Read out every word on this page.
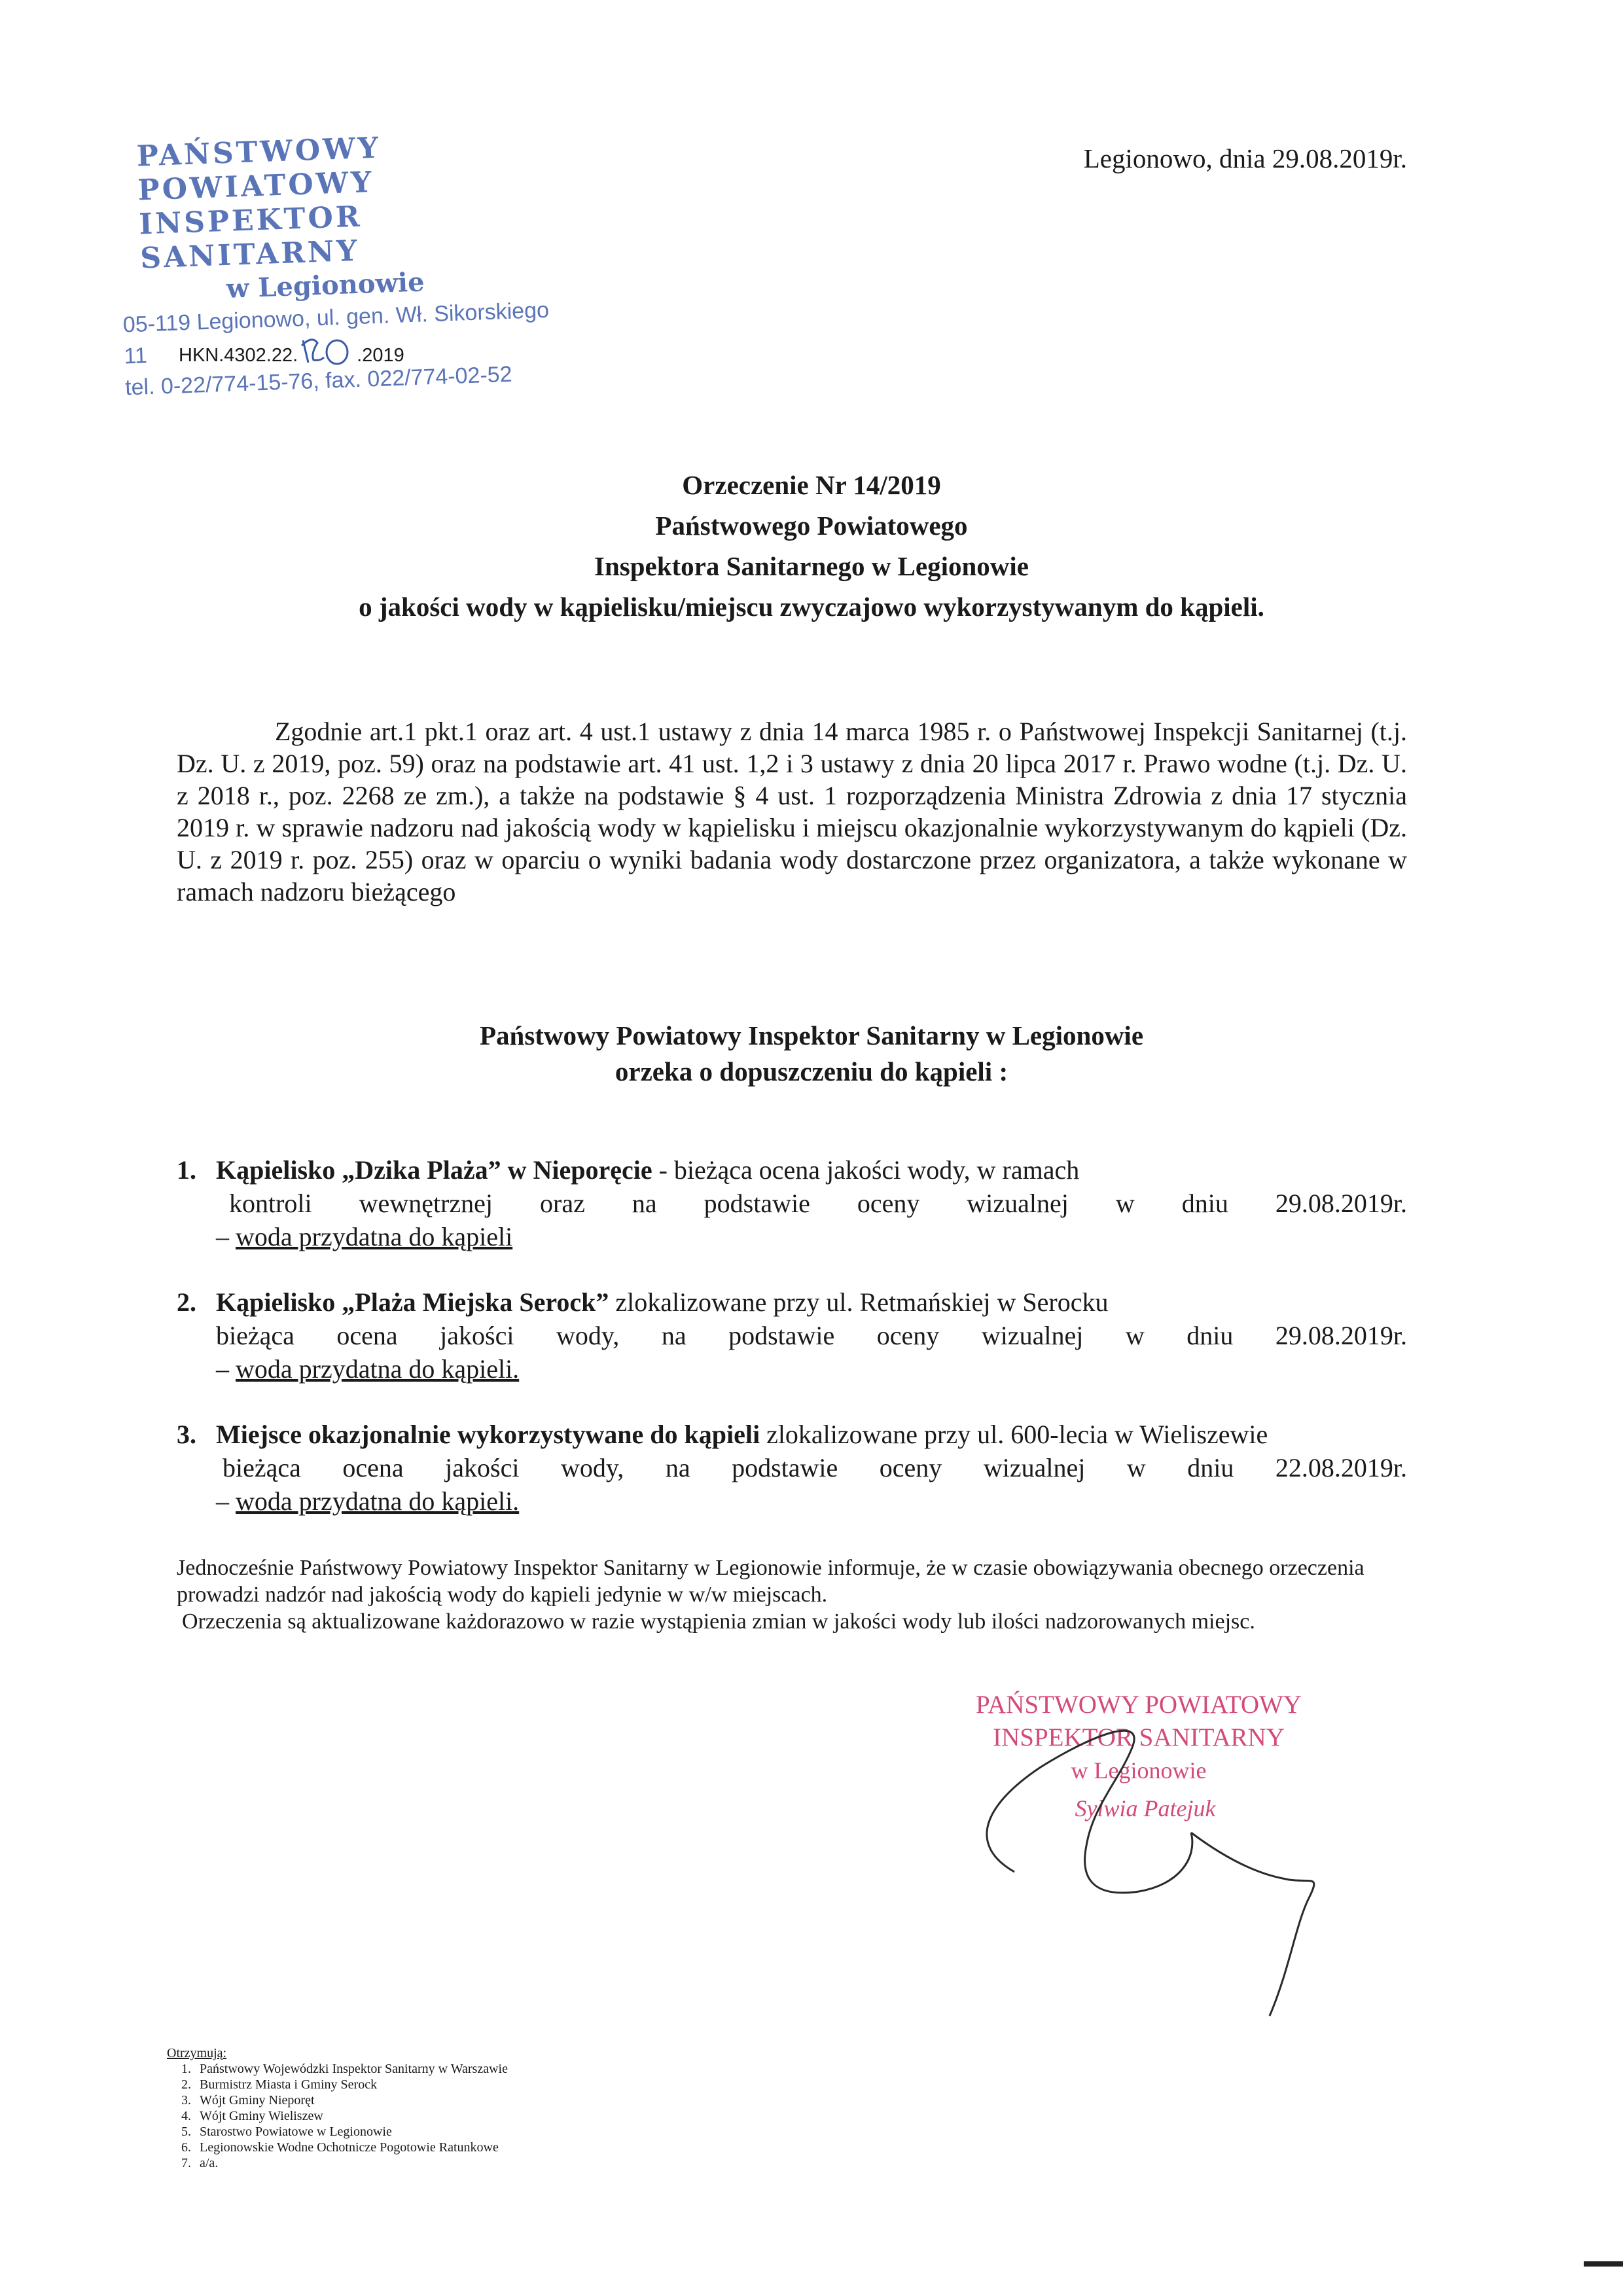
PAŃSTWOWY POWIATOWY
INSPEKTOR SANITARNY
w Legionowie
05-119 Legionowo, ul. gen. Wł. Sikorskiego 11
tel. 0-22/774-15-76, fax. 022/774-02-52
Legionowo, dnia 29.08.2019r.
HKN.4302.22.	.2019
Orzeczenie Nr 14/2019
Państwowego Powiatowego
Inspektora Sanitarnego w Legionowie
o jakości wody w kąpielisku/miejscu zwyczajowo wykorzystywanym do kąpieli.
Zgodnie art.1 pkt.1 oraz art. 4 ust.1 ustawy z dnia 14 marca 1985 r. o Państwowej Inspekcji Sanitarnej (t.j. Dz. U. z 2019, poz. 59) oraz na podstawie art. 41 ust. 1,2 i 3 ustawy z dnia 20 lipca 2017 r. Prawo wodne (t.j. Dz. U. z 2018 r., poz. 2268 ze zm.), a także na podstawie § 4 ust. 1 rozporządzenia Ministra Zdrowia z dnia 17 stycznia 2019 r. w sprawie nadzoru nad jakością wody w kąpielisku i miejscu okazjonalnie wykorzystywanym do kąpieli (Dz. U. z 2019 r. poz. 255) oraz w oparciu o wyniki badania wody dostarczone przez organizatora, a także wykonane w ramach nadzoru bieżącego
Państwowy Powiatowy Inspektor Sanitarny w Legionowie
orzeka o dopuszczeniu do kąpieli :
1. Kąpielisko „Dzika Plaża” w Nieporęcie - bieżąca ocena jakości wody, w ramach
kontroli wewnętrznej oraz na podstawie oceny wizualnej w dniu 29.08.2019r.
– woda przydatna do kąpieli
2. Kąpielisko „Plaża Miejska Serock” zlokalizowane przy ul. Retmańskiej w Serocku
bieżąca ocena jakości wody, na podstawie oceny wizualnej w dniu 29.08.2019r.
– woda przydatna do kąpieli.
3. Miejsce okazjonalnie wykorzystywane do kąpieli zlokalizowane przy ul. 600-lecia w Wieliszewie
bieżąca ocena jakości wody, na podstawie oceny wizualnej w dniu 22.08.2019r.
– woda przydatna do kąpieli.
Jednocześnie Państwowy Powiatowy Inspektor Sanitarny w Legionowie informuje, że w czasie obowiązywania obecnego orzeczenia prowadzi nadzór nad jakością wody do kąpieli jedynie w w/w miejscach.
Orzeczenia są aktualizowane każdorazowo w razie wystąpienia zmian w jakości wody lub ilości nadzorowanych miejsc.
PAŃSTWOWY POWIATOWY
INSPEKTOR SANITARNY
w Legionowie
Sylwia Patejuk
Otrzymują:
1. Państwowy Wojewódzki Inspektor Sanitarny w Warszawie
2. Burmistrz Miasta i Gminy Serock
3. Wójt Gminy Nieporęt
4. Wójt Gminy Wieliszew
5. Starostwo Powiatowe w Legionowie
6. Legionowskie Wodne Ochotnicze Pogotowie Ratunkowe
7. a/a.
